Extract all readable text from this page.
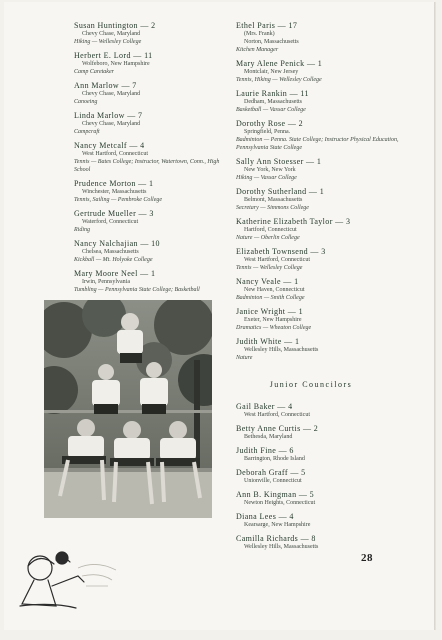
Susan Huntington — 2
Chevy Chase, Maryland
Hiking — Wellesley College
Herbert E. Lord — 11
Wolfeboro, New Hampshire
Camp Caretaker
Ann Marlow — 7
Chevy Chase, Maryland
Canoeing
Linda Marlow — 7
Chevy Chase, Maryland
Campcraft
Nancy Metcalf — 4
West Hartford, Connecticut
Tennis — Bates College; Instructor, Watertown, Conn., High School
Prudence Morton — 1
Winchester, Massachusetts
Tennis, Sailing — Pembroke College
Gertrude Mueller — 3
Waterford, Connecticut
Riding
Nancy Nalchajian — 10
Chelsea, Massachusetts
Kickball — Mt. Holyoke College
Mary Moore Neel — 1
Irwin, Pennsylvania
Tumbling — Pennsylvania State College; Basketball
Ethel Paris — 17
(Mrs. Frank)
Norton, Massachusetts
Kitchen Manager
Mary Alene Penick — 1
Montclair, New Jersey
Tennis, Hiking — Wellesley College
Laurie Rankin — 11
Dedham, Massachusetts
Basketball — Vassar College
Dorothy Rose — 2
Springfield, Penna.
Badminton — Penna. State College; Instructor Physical Education, Pennsylvania State College
Sally Ann Stoesser — 1
New York, New York
Hiking — Vassar College
Dorothy Sutherland — 1
Belmont, Massachusetts
Secretary — Simmons College
Katherine Elizabeth Taylor — 3
Hartford, Connecticut
Nature — Oberlin College
Elizabeth Townsend — 3
West Hartford, Connecticut
Tennis — Wellesley College
Nancy Veale — 1
New Haven, Connecticut
Badminton — Smith College
Janice Wright — 1
Exeter, New Hampshire
Dramatics — Wheaton College
Judith White — 1
Wellesley Hills, Massachusetts
Nature
Junior Councilors
Gail Baker — 4
West Hartford, Connecticut
Betty Anne Curtis — 2
Bethesda, Maryland
Judith Fine — 6
Barrington, Rhode Island
Deborah Graff — 5
Unionville, Connecticut
Ann B. Kingman — 5
Newton Heights, Connecticut
Diana Lees — 4
Kearsarge, New Hampshire
Camilla Richards — 8
Wellesley Hills, Massachusetts
28
